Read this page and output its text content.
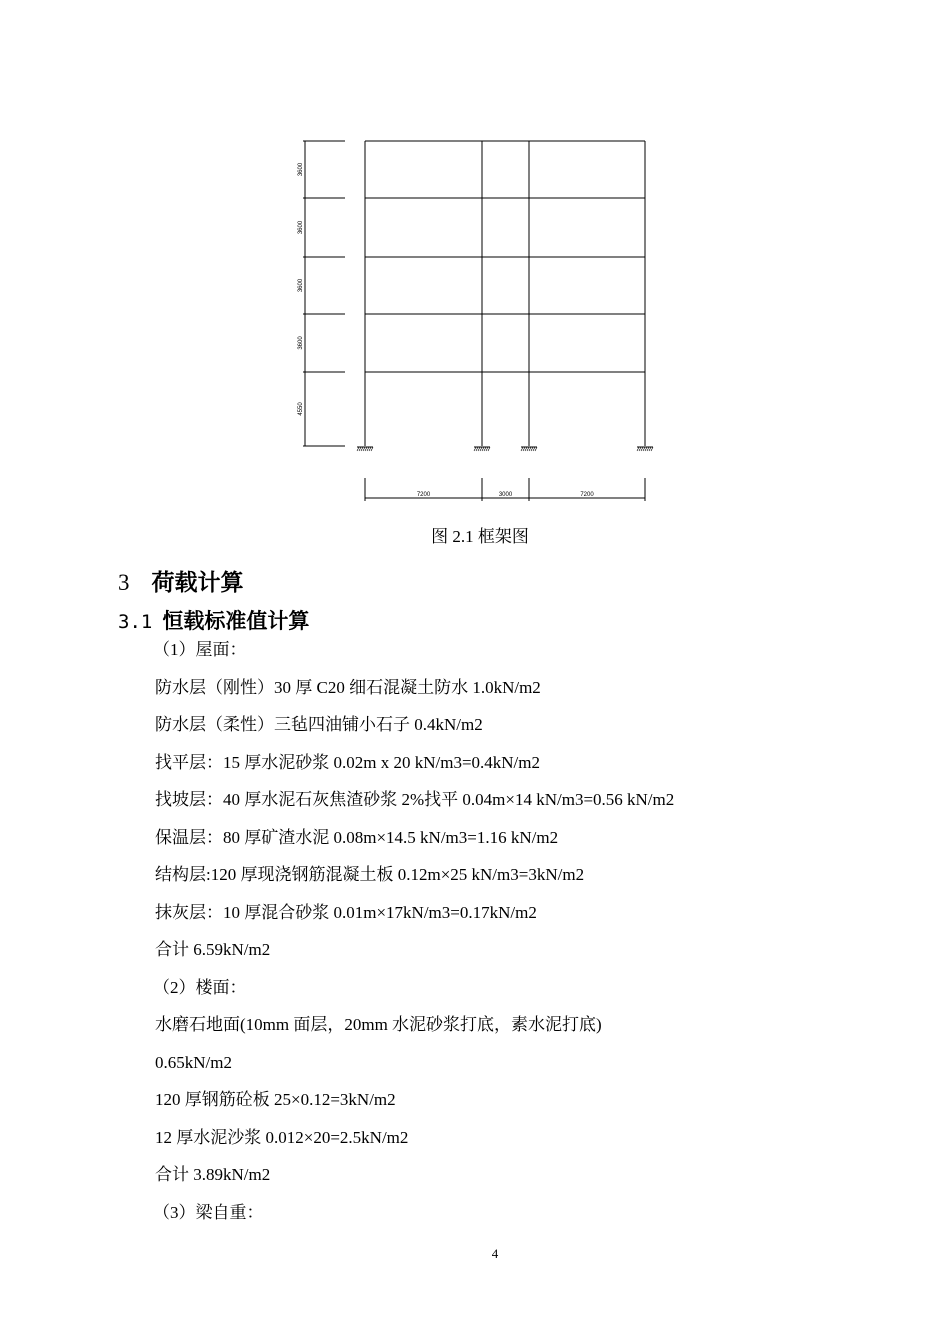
3600
3600
3600
3600
4550
7200	3000	7200
图 2.1 框架图
3 荷载计算
3.1 恒载标准值计算
（1）屋面：
防水层（刚性）30 厚 C20 细石混凝土防水 1.0kN/m2
防水层（柔性）三毡四油铺小石子 0.4kN/m2
找平层：15 厚水泥砂浆 0.02m x 20 kN/m3=0.4kN/m2
找坡层：40 厚水泥石灰焦渣砂浆 2%找平 0.04m×14 kN/m3=0.56 kN/m2
保温层：80 厚矿渣水泥 0.08m×14.5 kN/m3=1.16 kN/m2
结构层:120 厚现浇钢筋混凝土板 0.12m×25 kN/m3=3kN/m2
抹灰层：10 厚混合砂浆 0.01m×17kN/m3=0.17kN/m2
合计 6.59kN/m2
（2）楼面：
水磨石地面(10mm 面层，20mm 水泥砂浆打底，素水泥打底)
0.65kN/m2
120 厚钢筋砼板 25×0.12=3kN/m2
12 厚水泥沙浆 0.012×20=2.5kN/m2
合计 3.89kN/m2
（3）梁自重：
4
